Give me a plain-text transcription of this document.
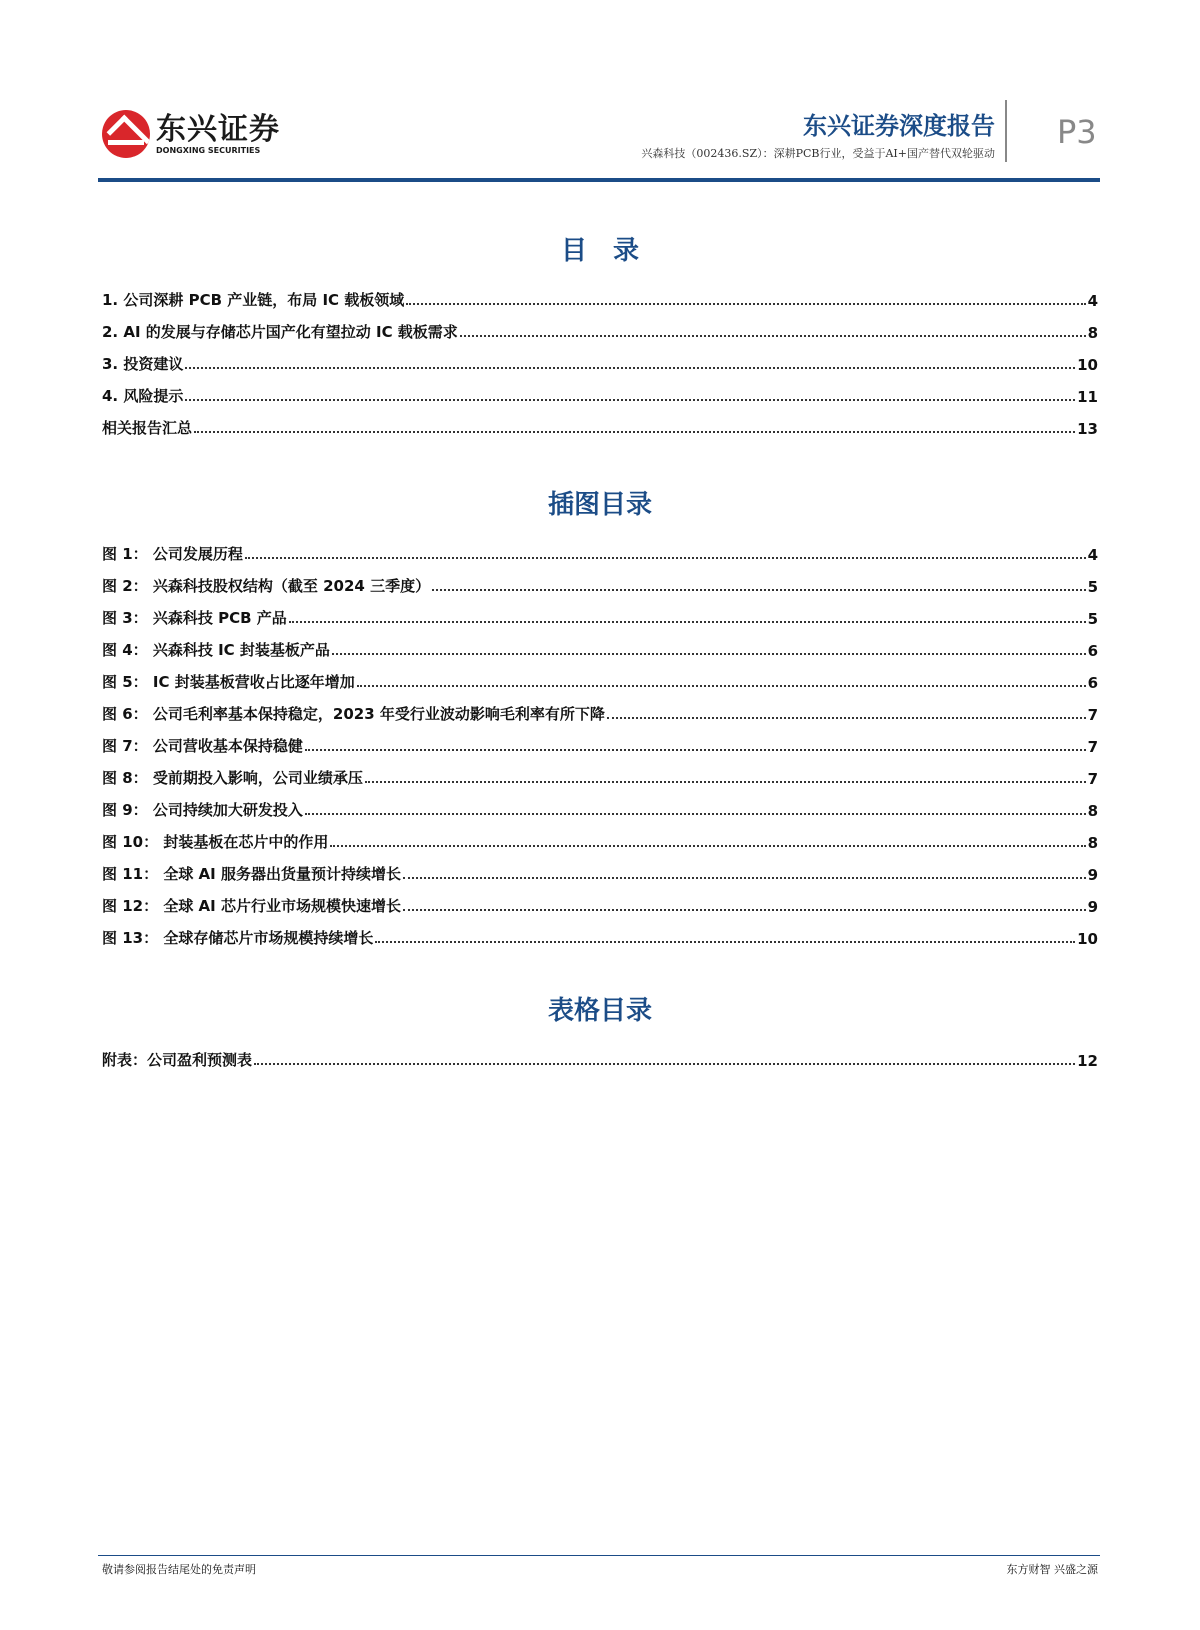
东兴证券
DONGXING SECURITIES
东兴证券深度报告
兴森科技（002436.SZ）：深耕PCB行业，受益于AI+国产替代双轮驱动
P3
目　录
1. 公司深耕 PCB 产业链，布局 IC 载板领域	4
2. AI 的发展与存储芯片国产化有望拉动 IC 载板需求	8
3. 投资建议	10
4. 风险提示	11
相关报告汇总	13
插图目录
图 1： 公司发展历程	4
图 2： 兴森科技股权结构（截至 2024 三季度）	5
图 3： 兴森科技 PCB 产品	5
图 4： 兴森科技 IC 封装基板产品	6
图 5： IC 封装基板营收占比逐年增加	6
图 6： 公司毛利率基本保持稳定，2023 年受行业波动影响毛利率有所下降	7
图 7： 公司营收基本保持稳健	7
图 8： 受前期投入影响，公司业绩承压	7
图 9： 公司持续加大研发投入	8
图 10： 封装基板在芯片中的作用	8
图 11： 全球 AI 服务器出货量预计持续增长	9
图 12： 全球 AI 芯片行业市场规模快速增长	9
图 13： 全球存储芯片市场规模持续增长	10
表格目录
附表：公司盈利预测表	12
敬请参阅报告结尾处的免责声明	东方财智 兴盛之源
